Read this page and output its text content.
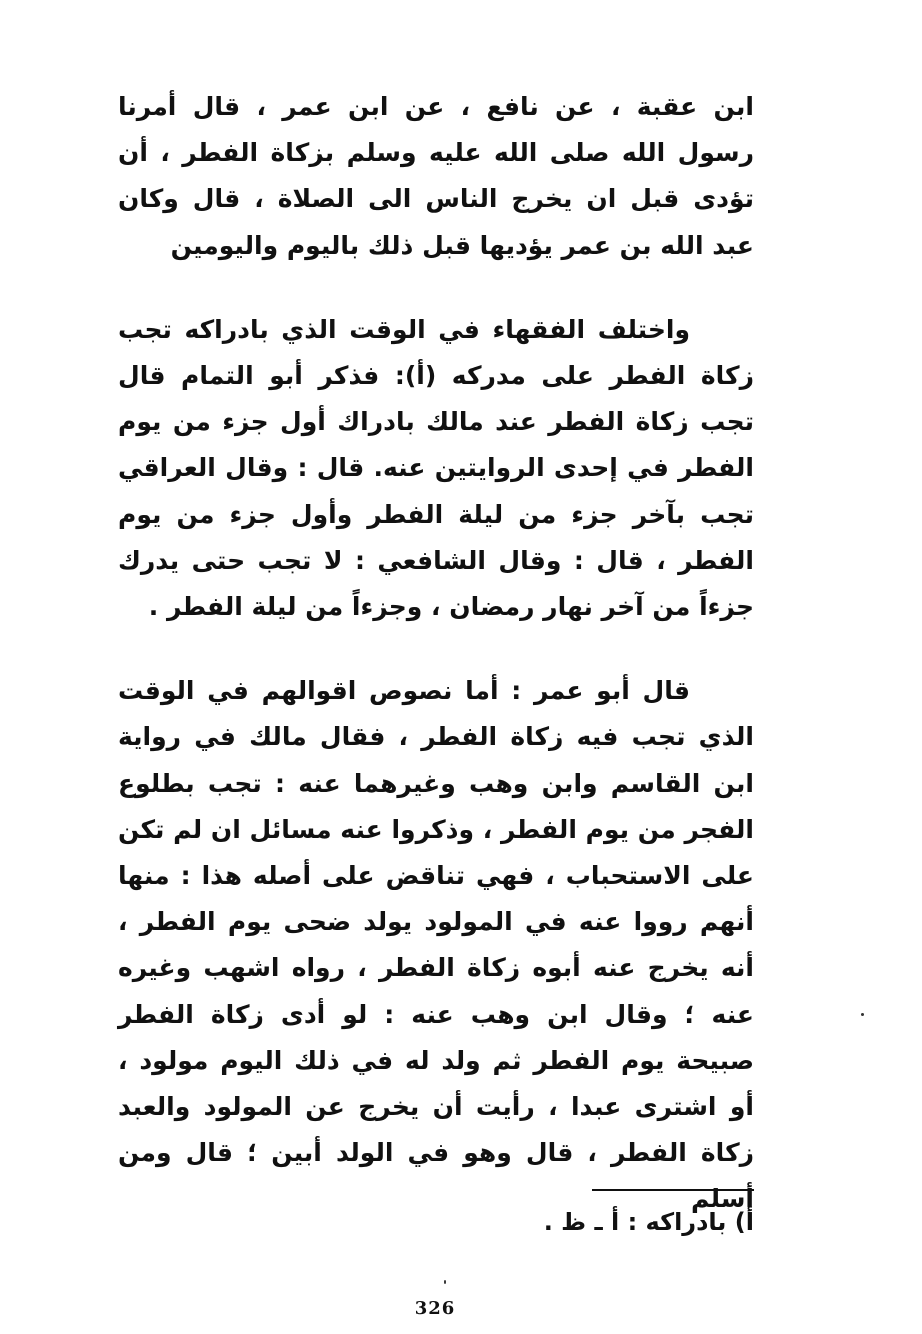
ابن عقبة ، عن نافع ، عن ابن عمر ، قال أمرنا رسول الله صلى الله عليه وسلم بزكاة الفطر ، أن تؤدى قبل ان يخرج الناس الى الصلاة ، قال وكان عبد الله بن عمر يؤديها قبل ذلك باليوم واليومين

واختلف الفقهاء في الوقت الذي بادراكه تجب زكاة الفطر على مدركه (أ): فذكر أبو التمام قال تجب زكاة الفطر عند مالك بادراك أول جزء من يوم الفطر في إحدى الروايتين عنه. قال : وقال العراقي تجب بآخر جزء من ليلة الفطر وأول جزء من يوم الفطر ، قال : وقال الشافعي : لا تجب حتى يدرك جزءاً من آخر نهار رمضان ، وجزءاً من ليلة الفطر .

قال أبو عمر : أما نصوص اقوالهم في الوقت الذي تجب فيه زكاة الفطر ، فقال مالك في رواية ابن القاسم وابن وهب وغيرهما عنه : تجب بطلوع الفجر من يوم الفطر ، وذكروا عنه مسائل ان لم تكن على الاستحباب ، فهي تناقض على أصله هذا : منها أنهم رووا عنه في المولود يولد ضحى يوم الفطر ، أنه يخرج عنه أبوه زكاة الفطر ، رواه اشهب وغيره عنه ؛ وقال ابن وهب عنه : لو أدى زكاة الفطر صبيحة يوم الفطر ثم ولد له في ذلك اليوم مولود ، أو اشترى عبدا ، رأيت أن يخرج عن المولود والعبد زكاة الفطر ، قال وهو في الولد أبين ؛ قال ومن أسلم

أ) بادراكه : أ ـ ظ .
326
